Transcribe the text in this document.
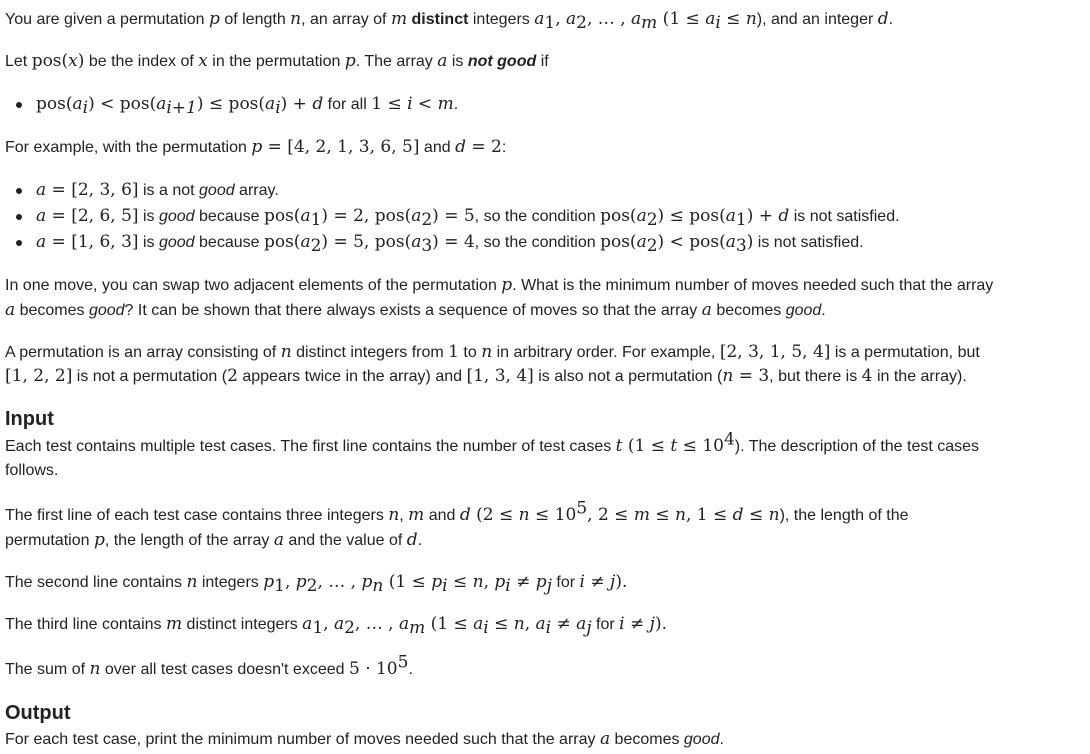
You are given a permutation p of length n, an array of m distinct integers $a_1$, $a_2$, … , $a_m$ $(1 \le a_i \le n)$, and an integer d.
Let pos(x) be the index of x in the permutation p. The array a is not good if
$pos(a_i) < pos(a_{i+1}) \le pos(a_i) + d$ for all 1 ≤ i < m.
For example, with the permutation p = [4, 2, 1, 3, 6, 5] and d = 2:
a = [2, 3, 6] is a not good array.
a = [2, 6, 5] is good because $pos(a_1) = 2$, $pos(a_2) = 5$, so the condition $pos(a_2) \le pos(a_1) + d$ is not satisfied.
a = [1, 6, 3] is good because $pos(a_2) = 5$, $pos(a_3) = 4$, so the condition $pos(a_2) < pos(a_3)$ is not satisfied.
In one move, you can swap two adjacent elements of the permutation p. What is the minimum number of moves needed such that the array
a becomes good? It can be shown that there always exists a sequence of moves so that the array a becomes good.
A permutation is an array consisting of n distinct integers from 1 to n in arbitrary order. For example, [2, 3, 1, 5, 4] is a permutation, but
[1, 2, 2] is not a permutation (2 appears twice in the array) and [1, 3, 4] is also not a permutation (n = 3, but there is 4 in the array).
Input
Each test contains multiple test cases. The first line contains the number of test cases t $(1 \le t \le 10^4)$. The description of the test cases
follows.
The first line of each test case contains three integers n, m and d ($2 \le n \le 10^5$, 2 ≤ m ≤ n, 1 ≤ d ≤ n), the length of the
permutation p, the length of the array a and the value of d.
The second line contains n integers $p_1$, $p_2$, … , $p_n$ ($1 \le p_i \le n$, $p_i \ne p_j$ for i ≠ j).
The third line contains m distinct integers $a_1$, $a_2$, … , $a_m$ ($1 \le a_i \le n$, $a_i \ne a_j$ for i ≠ j).
The sum of n over all test cases doesn't exceed $5 \cdot 10^5$.
Output
For each test case, print the minimum number of moves needed such that the array a becomes good.
